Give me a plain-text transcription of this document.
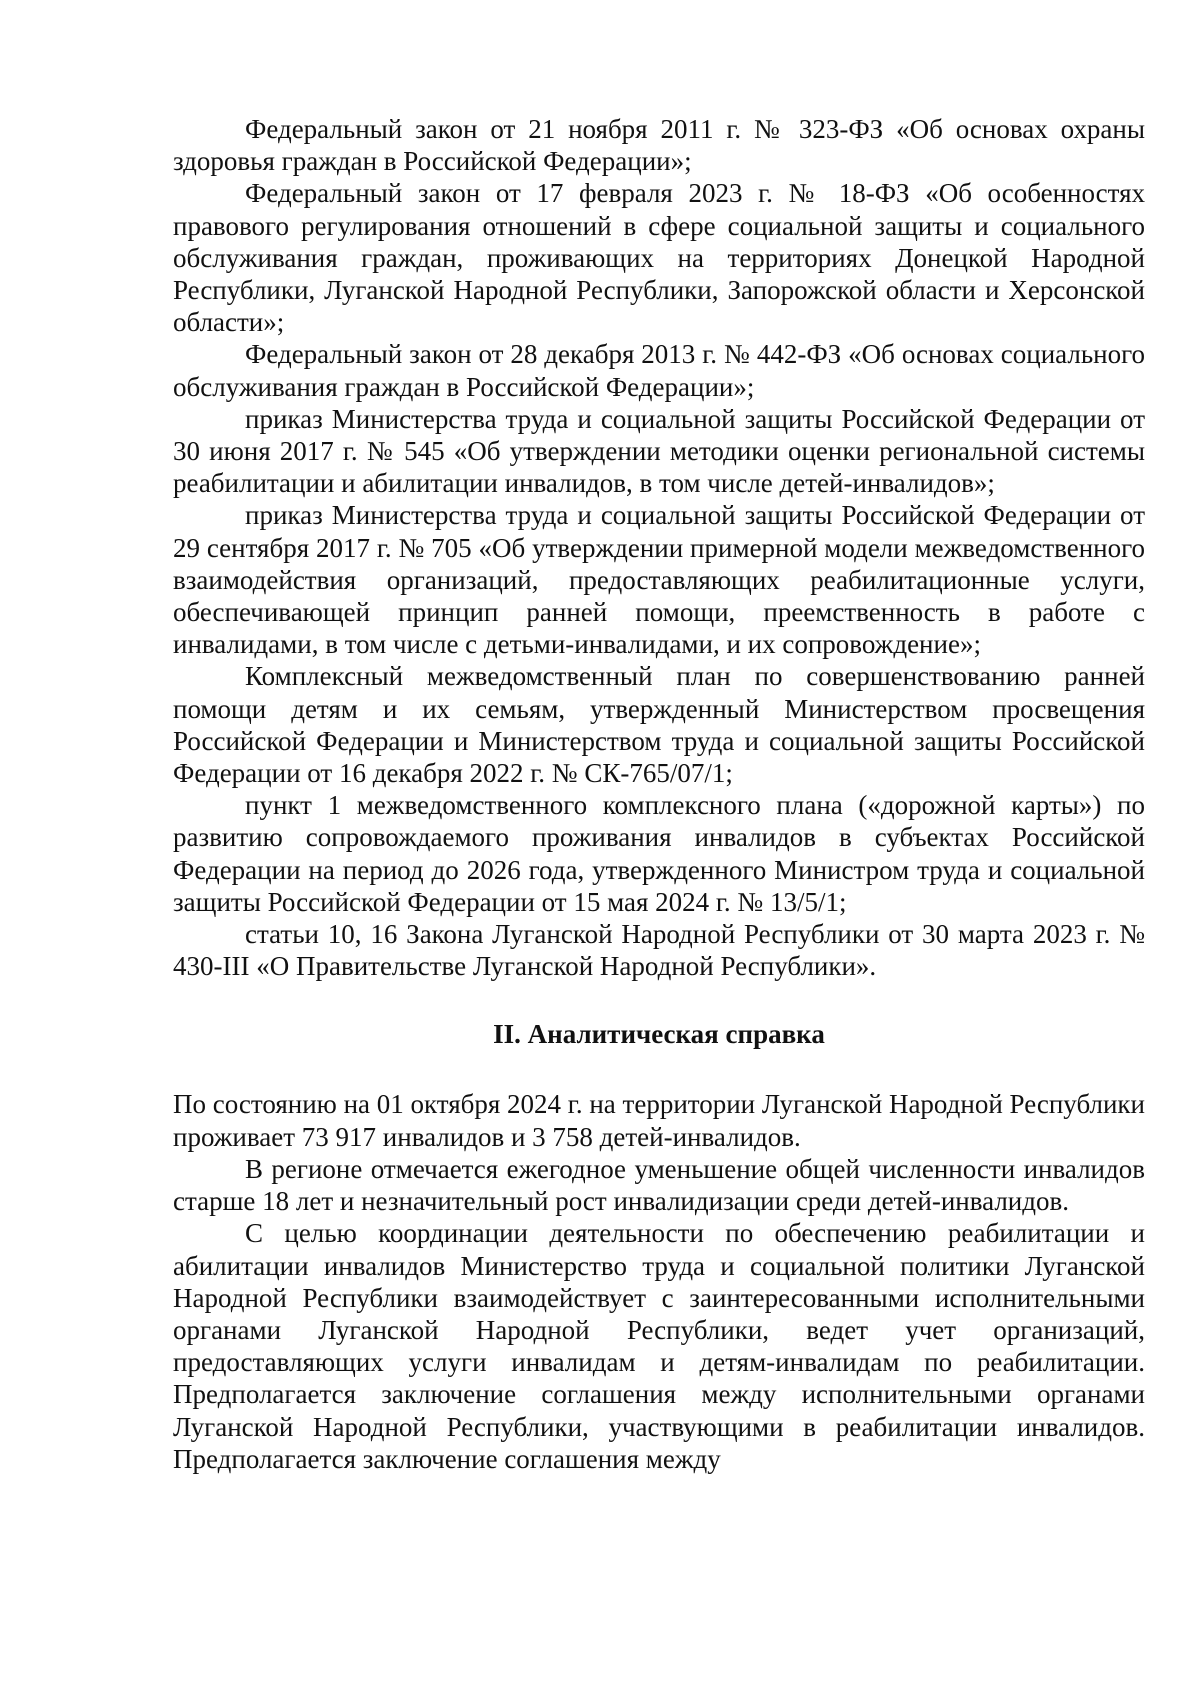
Федеральный закон от 21 ноября 2011 г. № 323-ФЗ «Об основах охраны здоровья граждан в Российской Федерации»;

Федеральный закон от 17 февраля 2023 г. № 18-ФЗ «Об особенностях правового регулирования отношений в сфере социальной защиты и социального обслуживания граждан, проживающих на территориях Донецкой Народной Республики, Луганской Народной Республики, Запорожской области и Херсонской области»;

Федеральный закон от 28 декабря 2013 г. № 442-ФЗ «Об основах социального обслуживания граждан в Российской Федерации»;

приказ Министерства труда и социальной защиты Российской Федерации от 30 июня 2017 г. № 545 «Об утверждении методики оценки региональной системы реабилитации и абилитации инвалидов, в том числе детей-инвалидов»;

приказ Министерства труда и социальной защиты Российской Федерации от 29 сентября 2017 г. № 705 «Об утверждении примерной модели межведомственного взаимодействия организаций, предоставляющих реабилитационные услуги, обеспечивающей принцип ранней помощи, преемственность в работе с инвалидами, в том числе с детьми-инвалидами, и их сопровождение»;

Комплексный межведомственный план по совершенствованию ранней помощи детям и их семьям, утвержденный Министерством просвещения Российской Федерации и Министерством труда и социальной защиты Российской Федерации от 16 декабря 2022 г. № СК-765/07/1;

пункт 1 межведомственного комплексного плана («дорожной карты») по развитию сопровождаемого проживания инвалидов в субъектах Российской Федерации на период до 2026 года, утвержденного Министром труда и социальной защиты Российской Федерации от 15 мая 2024 г. № 13/5/1;

статьи 10, 16 Закона Луганской Народной Республики от 30 марта 2023 г. № 430-III «О Правительстве Луганской Народной Республики».

II. Аналитическая справка

По состоянию на 01 октября 2024 г. на территории Луганской Народной Республики проживает 73 917 инвалидов и 3 758 детей-инвалидов.

В регионе отмечается ежегодное уменьшение общей численности инвалидов старше 18 лет и незначительный рост инвалидизации среди детей-инвалидов.

С целью координации деятельности по обеспечению реабилитации и абилитации инвалидов Министерство труда и социальной политики Луганской Народной Республики взаимодействует с заинтересованными исполнительными органами Луганской Народной Республики, ведет учет организаций, предоставляющих услуги инвалидам и детям-инвалидам по реабилитации. Предполагается заключение соглашения между исполнительными органами Луганской Народной Республики, участвующими в реабилитации инвалидов. Предполагается заключение соглашения между
